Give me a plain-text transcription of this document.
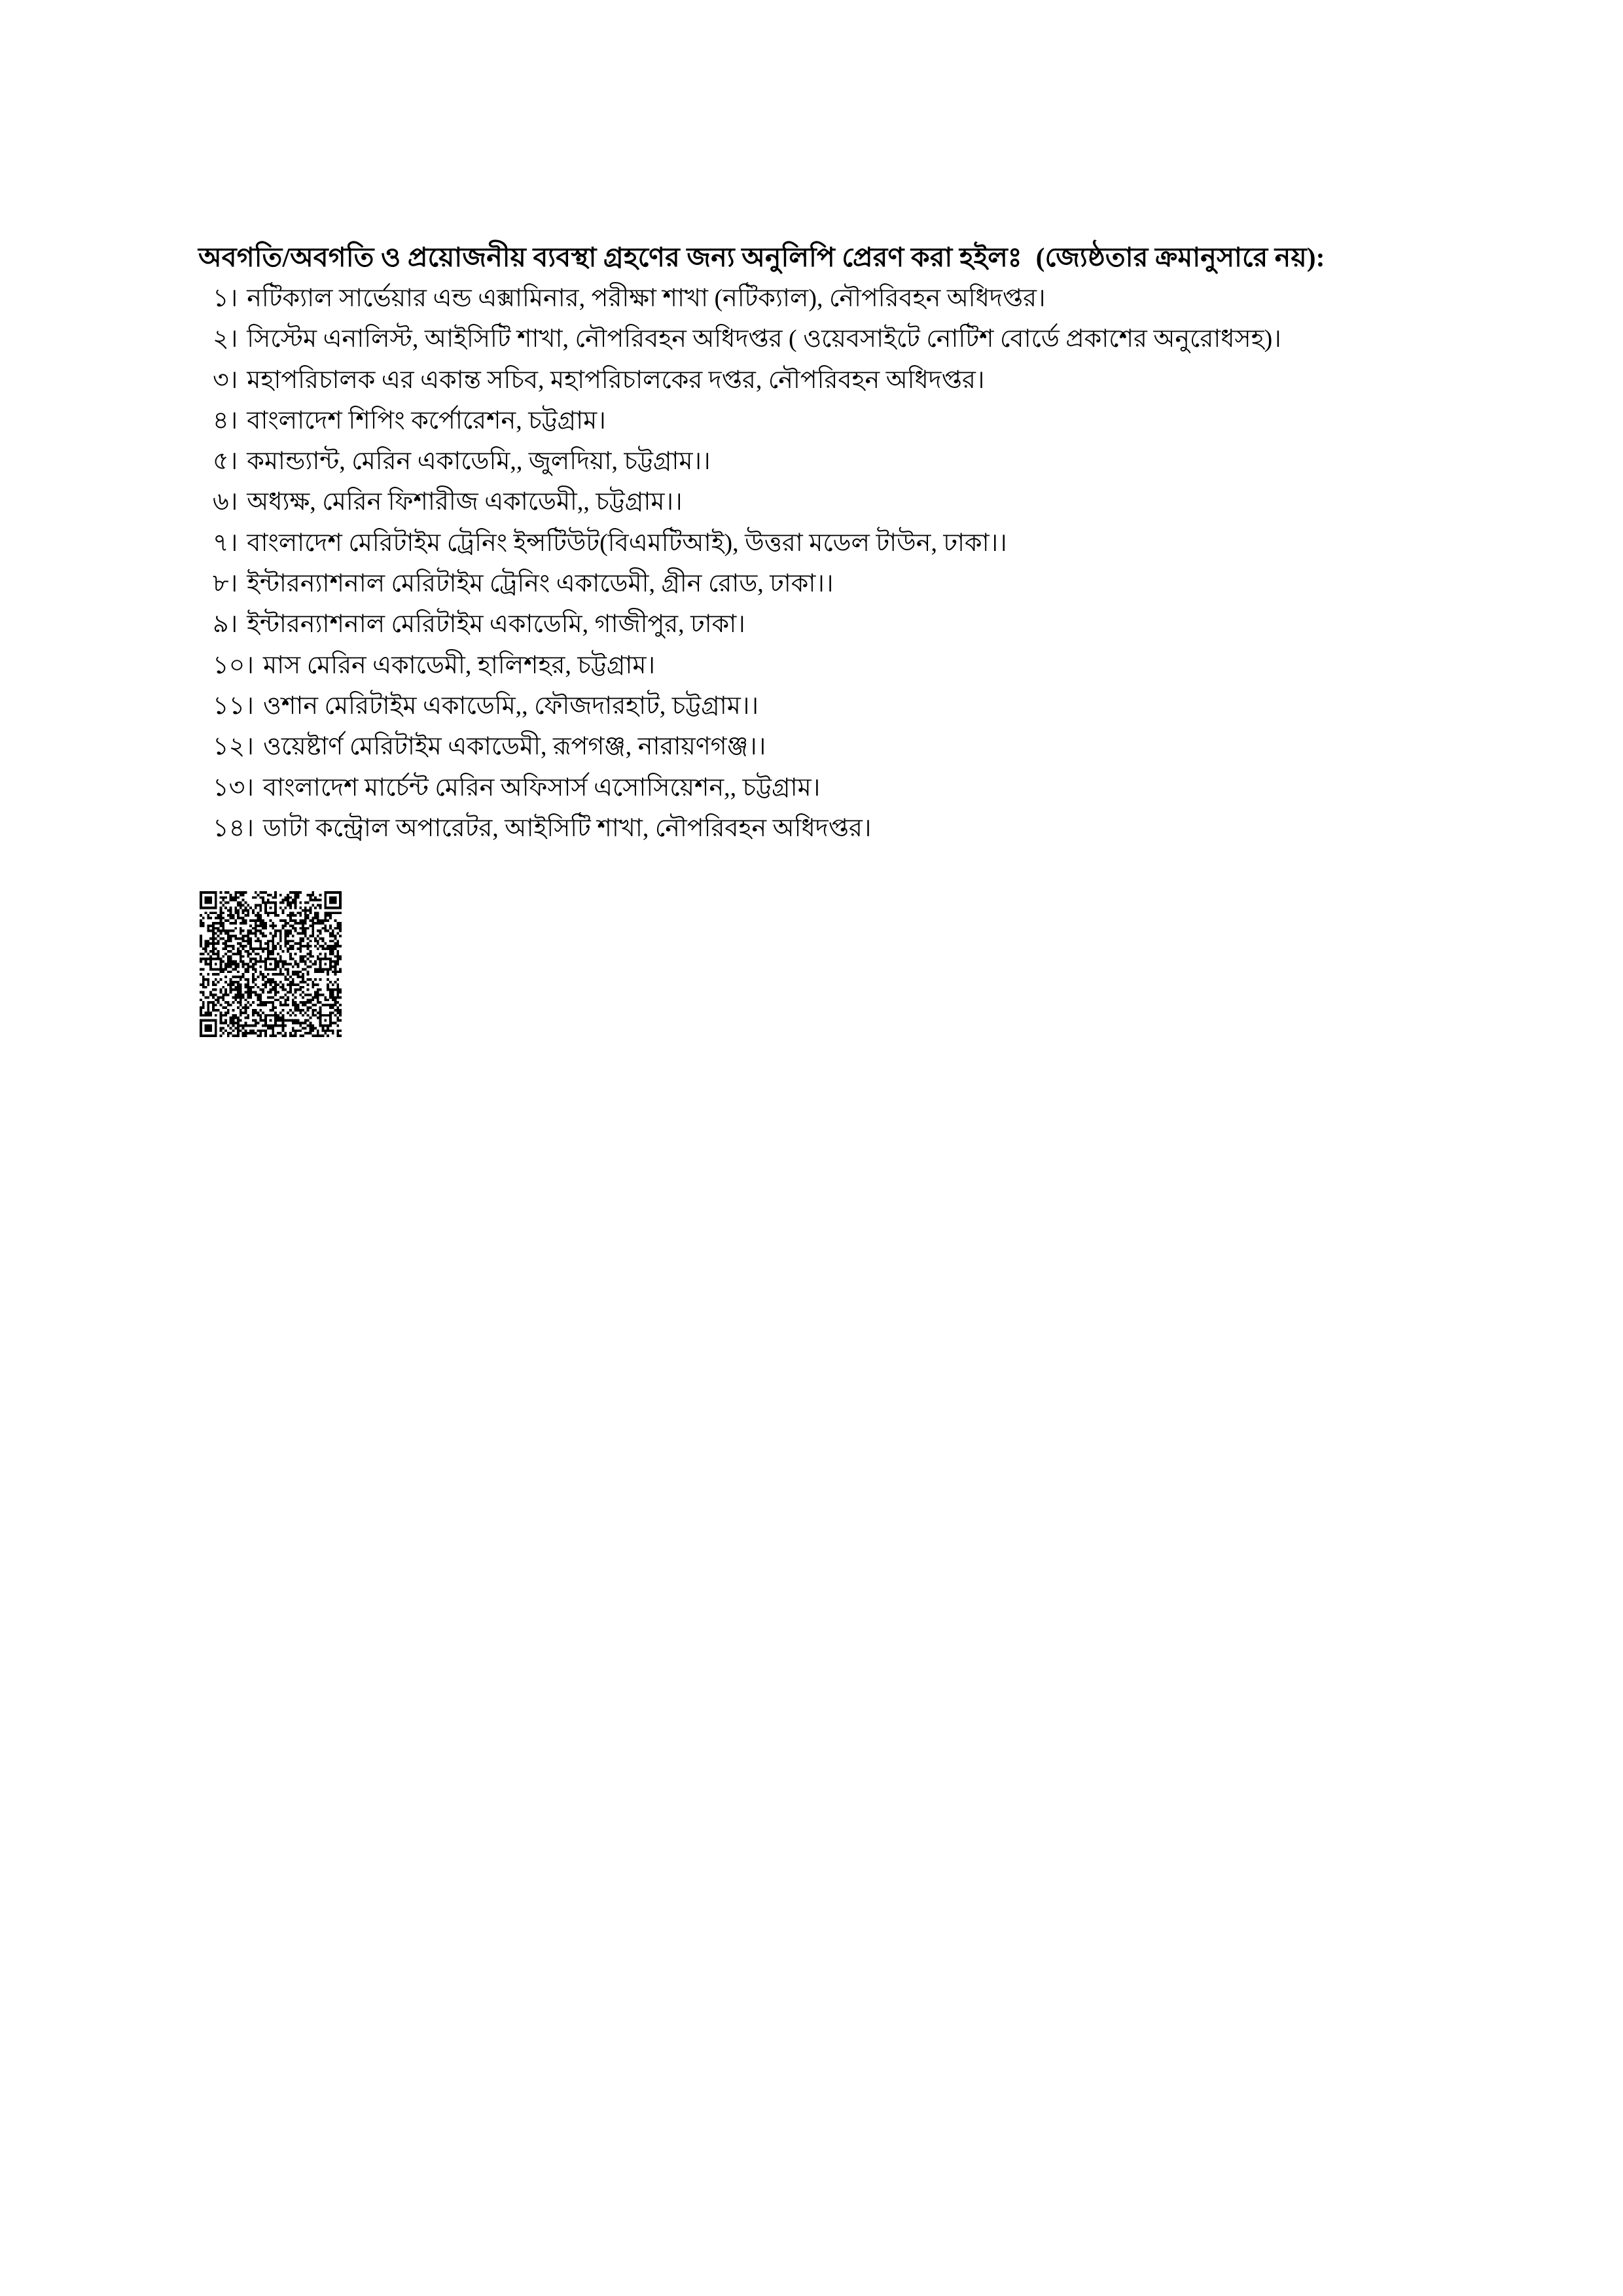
অবগতি/অবগতি ও প্রয়োজনীয় ব্যবস্থা গ্রহণের জন্য অনুলিপি প্রেরণ করা হইলঃ  (জ্যেষ্ঠতার ক্রমানুসারে নয়):
১। নটিক্যাল সার্ভেয়ার এন্ড এক্সামিনার, পরীক্ষা শাখা (নটিক্যাল), নৌপরিবহন অধিদপ্তর।
২। সিস্টেম এনালিস্ট, আইসিটি শাখা, নৌপরিবহন অধিদপ্তর ( ওয়েবসাইটে নোটিশ বোর্ডে প্রকাশের অনুরোধসহ)।
৩। মহাপরিচালক এর একান্ত সচিব, মহাপরিচালকের দপ্তর, নৌপরিবহন অধিদপ্তর।
৪। বাংলাদেশ শিপিং কর্পোরেশন, চট্টগ্রাম।
৫। কমান্ড্যান্ট, মেরিন একাডেমি,, জুলদিয়া, চট্টগ্রাম।।
৬। অধ্যক্ষ, মেরিন ফিশারীজ একাডেমী,, চট্টগ্রাম।।
৭। বাংলাদেশ মেরিটাইম ট্রেনিং ইন্সটিউট(বিএমটিআই), উত্তরা মডেল টাউন, ঢাকা।।
৮। ইন্টারন্যাশনাল মেরিটাইম ট্রেনিং একাডেমী, গ্রীন রোড, ঢাকা।।
৯। ইন্টারন্যাশনাল মেরিটাইম একাডেমি, গাজীপুর, ঢাকা।
১০। মাস মেরিন একাডেমী, হালিশহর, চট্টগ্রাম।
১১। ওশান মেরিটাইম একাডেমি,, ফৌজদারহাট, চট্টগ্রাম।।
১২। ওয়েষ্টার্ণ মেরিটাইম একাডেমী, রূপগঞ্জ, নারায়ণগঞ্জ।।
১৩। বাংলাদেশ মার্চেন্ট মেরিন অফিসার্স এসোসিয়েশন,, চট্টগ্রাম।
১৪। ডাটা কন্ট্রোল অপারেটর, আইসিটি শাখা, নৌপরিবহন অধিদপ্তর।
